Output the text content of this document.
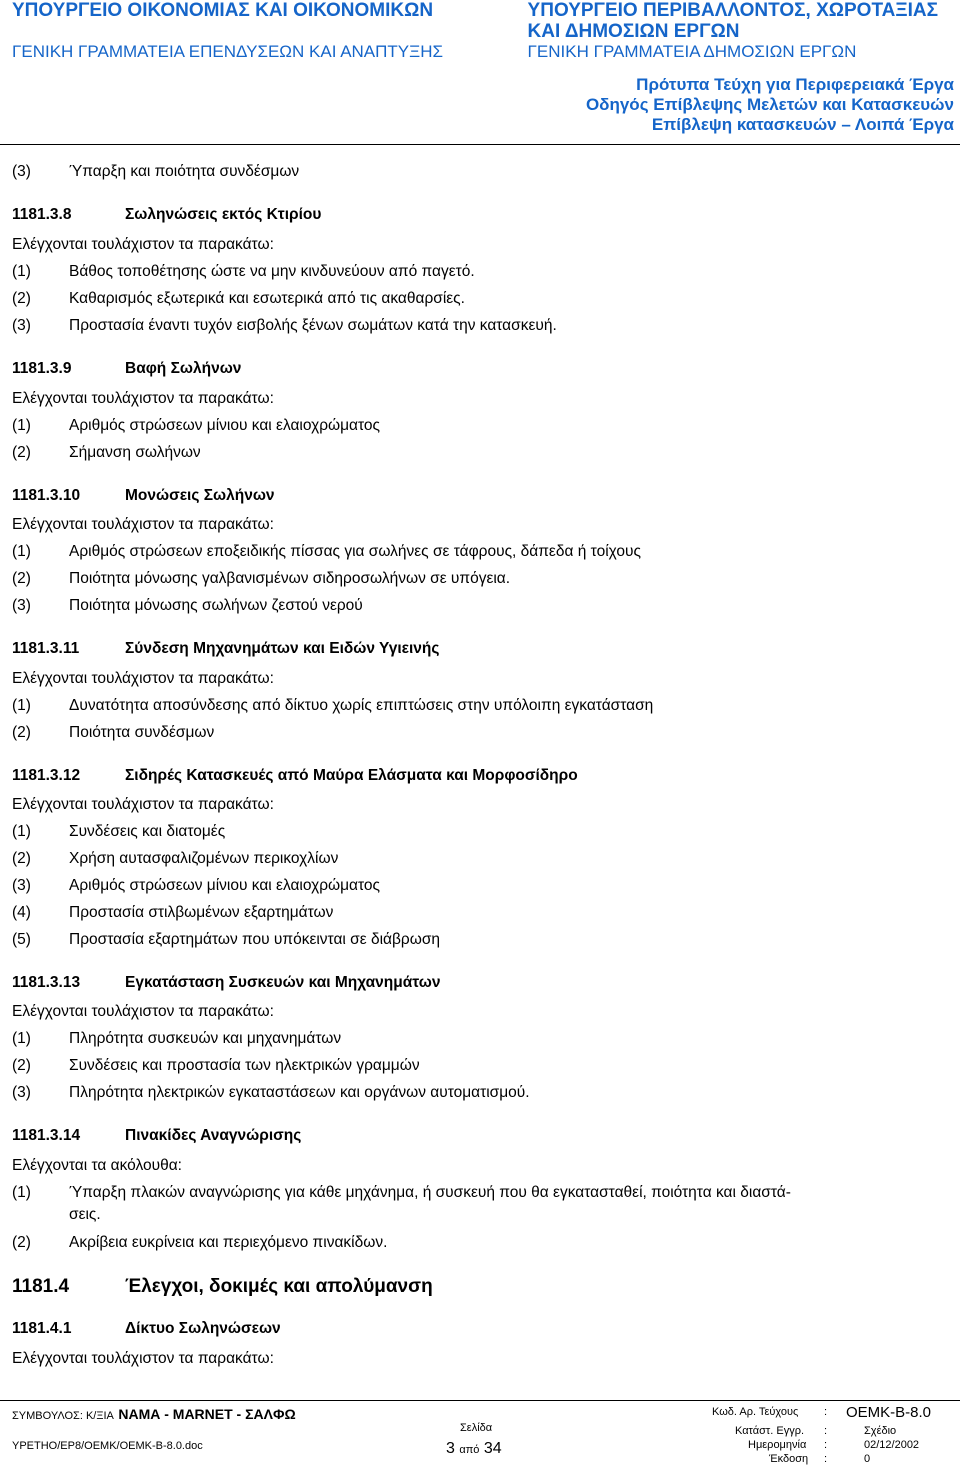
ΥΠΟΥΡΓΕΙΟ ΟΙΚΟΝΟΜΙΑΣ ΚΑΙ ΟΙΚΟΝΟΜΙΚΩΝ
ΓΕΝΙΚΗ ΓΡΑΜΜΑΤΕΙΑ ΕΠΕΝΔΥΣΕΩΝ ΚΑΙ ΑΝΑΠΤΥΞΗΣ
ΥΠΟΥΡΓΕΙΟ ΠΕΡΙΒΑΛΛΟΝΤΟΣ, ΧΩΡΟΤΑΞΙΑΣ
ΚΑΙ ΔΗΜΟΣΙΩΝ ΕΡΓΩΝ
ΓΕΝΙΚΗ ΓΡΑΜΜΑΤΕΙΑ ΔΗΜΟΣΙΩΝ ΕΡΓΩΝ
Πρότυπα Τεύχη για Περιφερειακά Έργα
Οδηγός Επίβλεψης Μελετών και Κατασκευών
Επίβλεψη κατασκευών – Λοιπά Έργα
(3) Ύπαρξη και ποιότητα συνδέσμων
1181.3.8	Σωληνώσεις εκτός Κτιρίου
Ελέγχονται τουλάχιστον τα παρακάτω:
(1) Βάθος τοποθέτησης ώστε να μην κινδυνεύουν από παγετό.
(2) Καθαρισμός εξωτερικά και εσωτερικά από τις ακαθαρσίες.
(3) Προστασία έναντι τυχόν εισβολής ξένων σωμάτων κατά την κατασκευή.
1181.3.9	Βαφή Σωλήνων
Ελέγχονται τουλάχιστον τα παρακάτω:
(1) Αριθμός στρώσεων μίνιου και ελαιοχρώματος
(2) Σήμανση σωλήνων
1181.3.10	Μονώσεις Σωλήνων
Ελέγχονται τουλάχιστον τα παρακάτω:
(1) Αριθμός στρώσεων εποξειδικής πίσσας για σωλήνες σε τάφρους, δάπεδα ή τοίχους
(2) Ποιότητα μόνωσης γαλβανισμένων σιδηροσωλήνων σε υπόγεια.
(3) Ποιότητα μόνωσης σωλήνων ζεστού νερού
1181.3.11	Σύνδεση Μηχανημάτων και Ειδών Υγιεινής
Ελέγχονται τουλάχιστον τα παρακάτω:
(1) Δυνατότητα αποσύνδεσης από δίκτυο χωρίς επιπτώσεις στην υπόλοιπη εγκατάσταση
(2) Ποιότητα συνδέσμων
1181.3.12	Σιδηρές Κατασκευές από Μαύρα Ελάσματα και Μορφοσίδηρο
Ελέγχονται τουλάχιστον τα παρακάτω:
(1) Συνδέσεις και διατομές
(2) Χρήση αυτασφαλιζομένων περικοχλίων
(3) Αριθμός στρώσεων μίνιου και ελαιοχρώματος
(4) Προστασία στιλβωμένων εξαρτημάτων
(5) Προστασία εξαρτημάτων που υπόκεινται σε διάβρωση
1181.3.13	Εγκατάσταση Συσκευών και Μηχανημάτων
Ελέγχονται τουλάχιστον τα παρακάτω:
(1) Πληρότητα συσκευών και μηχανημάτων
(2) Συνδέσεις και προστασία των ηλεκτρικών γραμμών
(3) Πληρότητα ηλεκτρικών εγκαταστάσεων και οργάνων αυτοματισμού.
1181.3.14	Πινακίδες Αναγνώρισης
Ελέγχονται τα ακόλουθα:
(1) Ύπαρξη πλακών αναγνώρισης για κάθε μηχάνημα, ή συσκευή που θα εγκατασταθεί, ποιότητα και διαστά-
σεις.
(2) Ακρίβεια ευκρίνεια και περιεχόμενο πινακίδων.
1181.4	Έλεγχοι, δοκιμές και απολύμανση
1181.4.1	Δίκτυο Σωληνώσεων
Ελέγχονται τουλάχιστον τα παρακάτω:
ΣΥΜΒΟΥΛΟΣ: Κ/ΞΙΑ ΝΑΜΑ - MARNET - ΣΑΛΦΩ
ΥΡΕΤΗΟ/ΕΡ8/ΟΕΜΚ/ΟΕΜΚ-Β-8.0.doc
Σελίδα
3 από 34
Κωδ. Αρ. Τεύχους : ΟΕΜΚ-Β-8.0
Κατάστ. Εγγρ. :	Σχέδιο
Ημερομηνία :	02/12/2002
Έκδοση :	0
